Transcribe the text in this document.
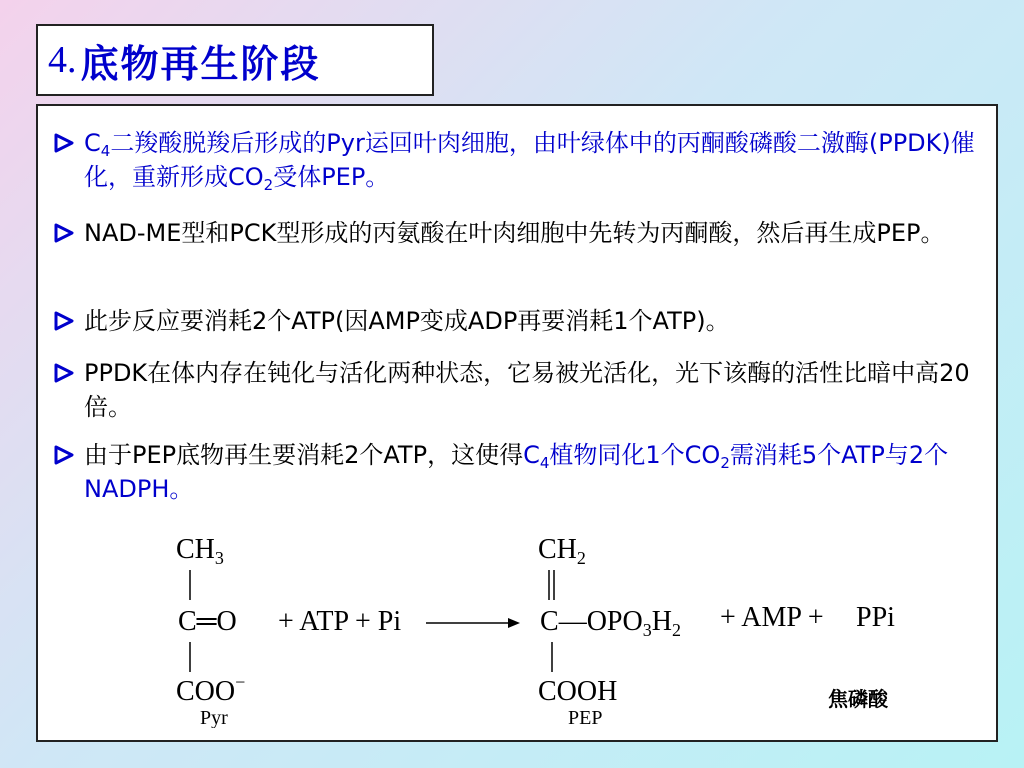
4. 底物再生阶段
$C_4$二羧酸脱羧后形成的Pyr运回叶肉细胞，由叶绿体中的丙酮酸磷酸二激酶(PPDK)催化，重新形成$CO_2$受体PEP。
NAD-ME型和PCK型形成的丙氨酸在叶肉细胞中先转为丙酮酸，然后再生成PEP。
此步反应要消耗2个ATP(因AMP变成ADP再要消耗1个ATP)。
PPDK在体内存在钝化与活化两种状态，它易被光活化，光下该酶的活性比暗中高20倍。
由于PEP底物再生要消耗2个ATP，这使得$C_4$植物同化1个$CO_2$需消耗5个ATP与2个NADPH。
$CH_3$
C═O
COO−
Pyr
+ ATP + Pi
$CH_2$
$C—OPO_3H_2$
COOH
PEP
+ AMP + PPi
焦磷酸
